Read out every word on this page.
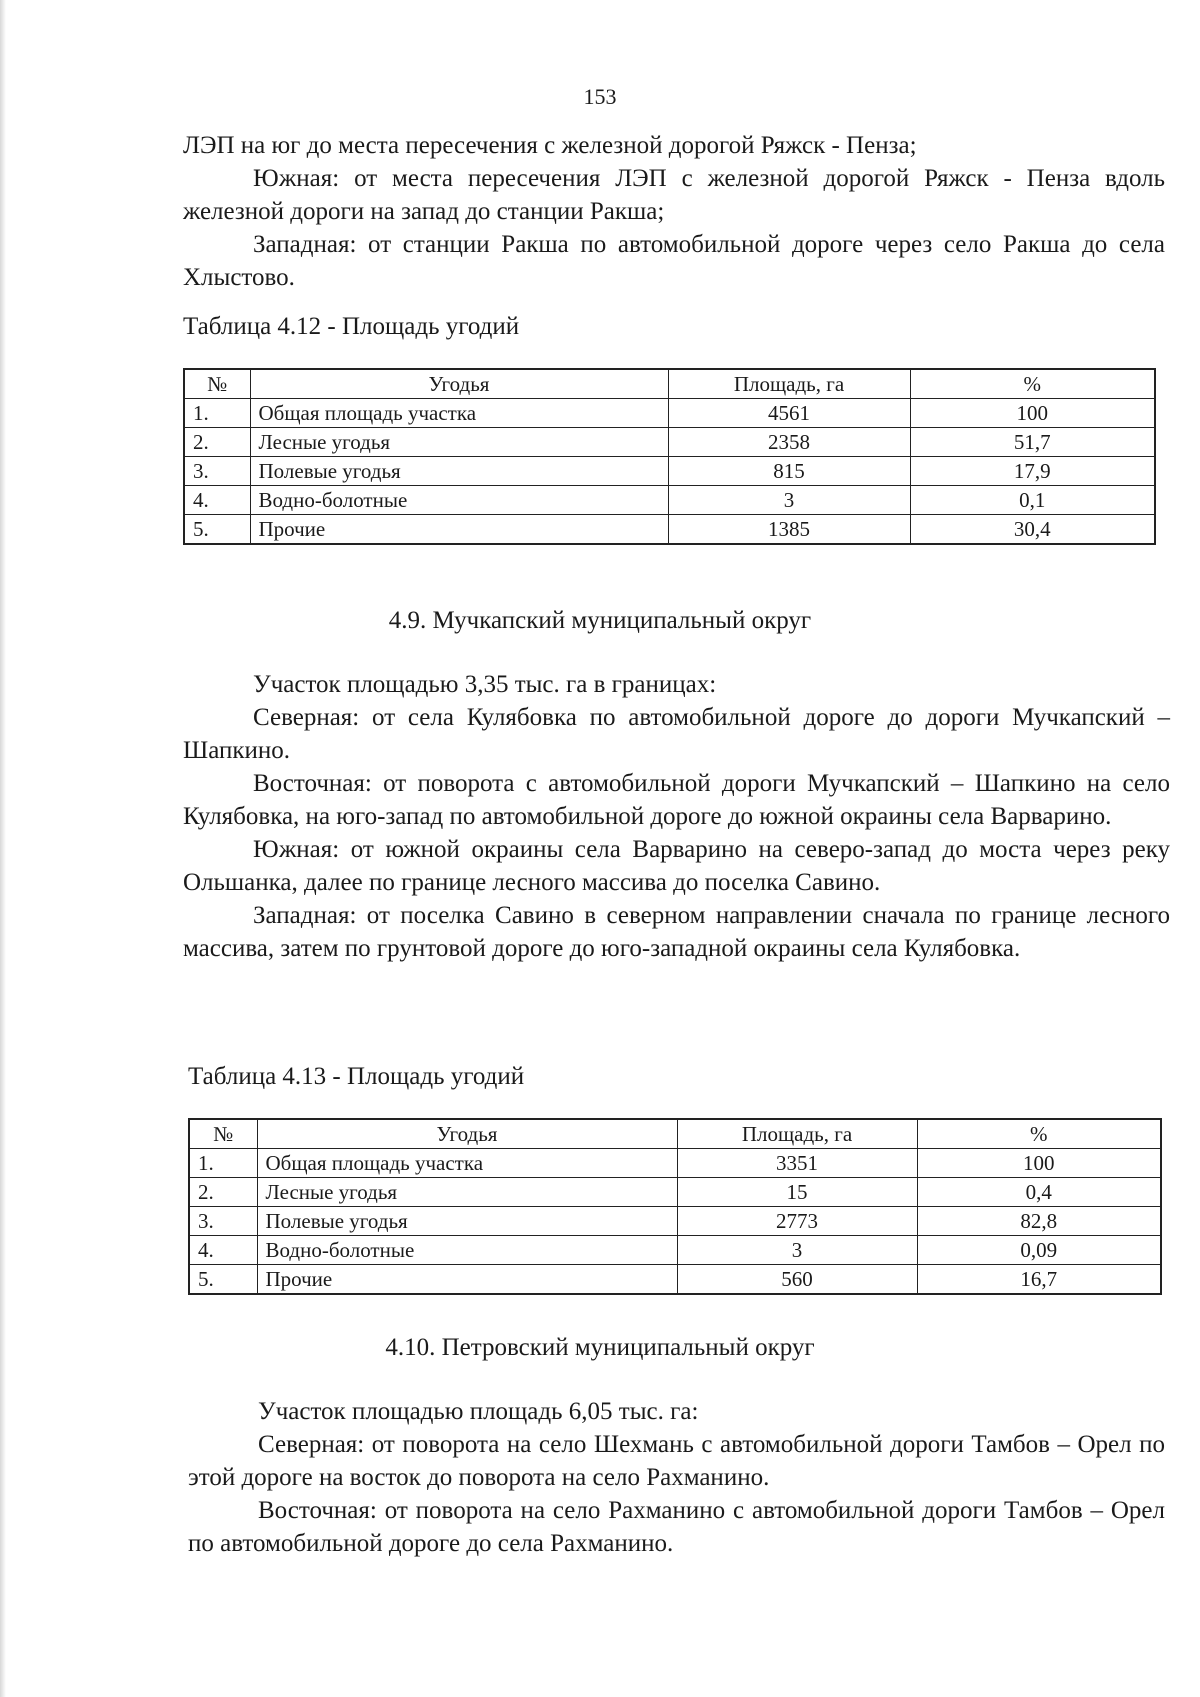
153

ЛЭП на юг до места пересечения с железной дорогой Ряжск - Пенза;

Южная: от места пересечения ЛЭП с железной дорогой Ряжск - Пенза вдоль железной дороги на запад до станции Ракша;

Западная: от станции Ракша по автомобильной дороге через село Ракша до села Хлыстово.

Таблица 4.12 - Площадь угодий
№	Угодья	Площадь, га	%
1.	Общая площадь участка	4561	100
2.	Лесные угодья	2358	51,7
3.	Полевые угодья	815	17,9
4.	Водно-болотные	3	0,1
5.	Прочие	1385	30,4
4.9. Мучкапский муниципальный округ

Участок площадью 3,35 тыс. га в границах:

Северная: от села Кулябовка по автомобильной дороге до дороги Мучкапский – Шапкино.

Восточная: от поворота с автомобильной дороги Мучкапский – Шапкино на село Кулябовка, на юго-запад по автомобильной дороге до южной окраины села Варварино.

Южная: от южной окраины села Варварино на северо-запад до моста через реку Ольшанка, далее по границе лесного массива до поселка Савино.

Западная: от поселка Савино в северном направлении сначала по границе лесного массива, затем по грунтовой дороге до юго-западной окраины села Кулябовка.

Таблица 4.13 - Площадь угодий
№	Угодья	Площадь, га	%
1.	Общая площадь участка	3351	100
2.	Лесные угодья	15	0,4
3.	Полевые угодья	2773	82,8
4.	Водно-болотные	3	0,09
5.	Прочие	560	16,7
4.10. Петровский муниципальный округ

Участок площадью площадь 6,05 тыс. га:

Северная: от поворота на село Шехмань с автомобильной дороги Тамбов – Орел по этой дороге на восток до поворота на село Рахманино.

Восточная: от поворота на село Рахманино с автомобильной дороги Тамбов – Орел по автомобильной дороге до села Рахманино.
